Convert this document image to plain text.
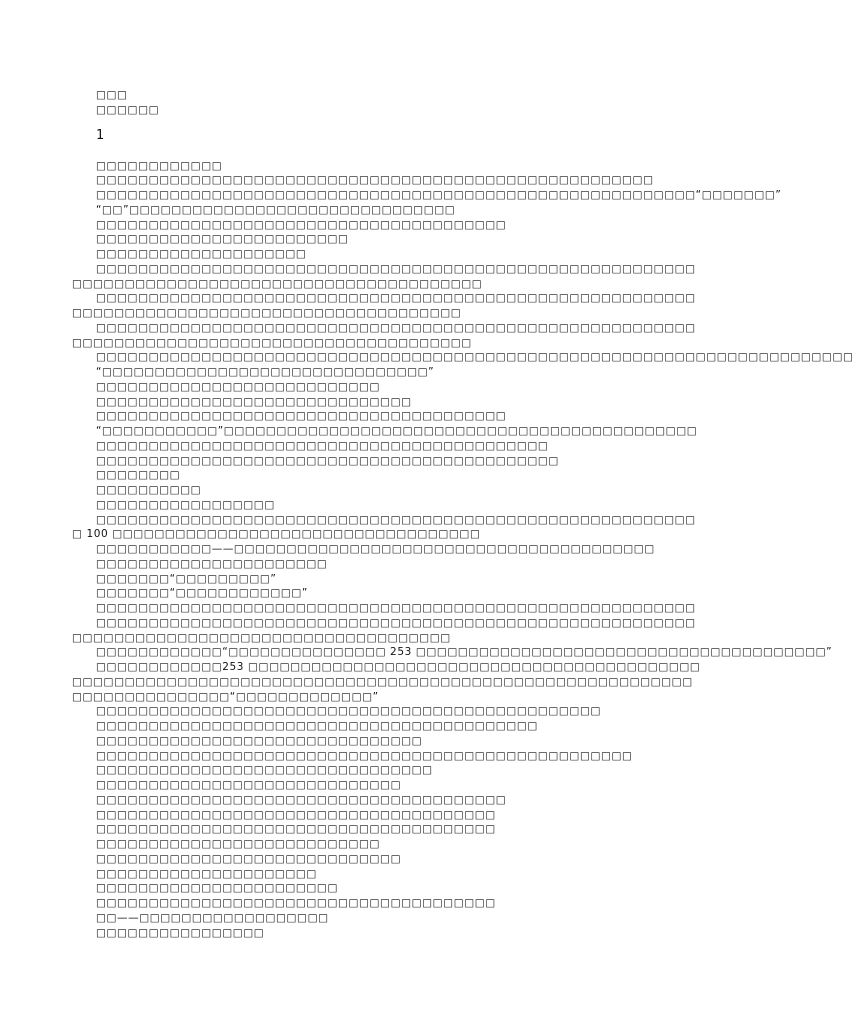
□□□
□□□□□□
1
□□□□□□□□□□□□
□□□□□□□□□□□□□□□□□□□□□□□□□□□□□□□□□□□□□□□□□□□□□□□□□□□□□
□□□□□□□□□□□□□□□□□□□□□□□□□□□□□□□□□□□□□□□□□□□□□□□□□□□□□□□□□“□□□□□□□”
“□□”□□□□□□□□□□□□□□□□□□□□□□□□□□□□□□□
□□□□□□□□□□□□□□□□□□□□□□□□□□□□□□□□□□□□□□□
□□□□□□□□□□□□□□□□□□□□□□□□
□□□□□□□□□□□□□□□□□□□□
□□□□□□□□□□□□□□□□□□□□□□□□□□□□□□□□□□□□□□□□□□□□□□□□□□□□□□□□□□□□□□□□□□□□□□□□□□□□□□□□□□□□□□□□□□□□□□□□
□□□□□□□□□□□□□□□□□□□□□□□□□□□□□□□□□□□□□□□□□□□□□□□□□□□□□□□□□□□□□□□□□□□□□□□□□□□□□□□□□□□□□□□□□□□□□□
□□□□□□□□□□□□□□□□□□□□□□□□□□□□□□□□□□□□□□□□□□□□□□□□□□□□□□□□□□□□□□□□□□□□□□□□□□□□□□□□□□□□□□□□□□□□□□□
□□□□□□□□□□□□□□□□□□□□□□□□□□□□□□□□□□□□□□□□□□□□□□□□□□□□□□□□□□□□□□□□□□□□□□□□
“□□□□□□□□□□□□□□□□□□□□□□□□□□□□□□□”
□□□□□□□□□□□□□□□□□□□□□□□□□□□
□□□□□□□□□□□□□□□□□□□□□□□□□□□□□□
□□□□□□□□□□□□□□□□□□□□□□□□□□□□□□□□□□□□□□□
“□□□□□□□□□□□”□□□□□□□□□□□□□□□□□□□□□□□□□□□□□□□□□□□□□□□□□□□□□
□□□□□□□□□□□□□□□□□□□□□□□□□□□□□□□□□□□□□□□□□□□
□□□□□□□□□□□□□□□□□□□□□□□□□□□□□□□□□□□□□□□□□□□□
□□□□□□□□
□□□□□□□□□□
□□□□□□□□□□□□□□□□□
□□□□□□□□□□□□□□□□□□□□□□□□□□□□□□□□□□□□□□□□□□□□□□□□□□□□□□□□□□ 100 □□□□□□□□□□□□□□□□□□□□□□□□□□□□□□□□□□□
□□□□□□□□□□□——□□□□□□□□□□□□□□□□□□□□□□□□□□□□□□□□□□□□□□□□
□□□□□□□□□□□□□□□□□□□□□□
□□□□□□□“□□□□□□□□□”
□□□□□□□“□□□□□□□□□□□□”
□□□□□□□□□□□□□□□□□□□□□□□□□□□□□□□□□□□□□□□□□□□□□□□□□□□□□□□□□
□□□□□□□□□□□□□□□□□□□□□□□□□□□□□□□□□□□□□□□□□□□□□□□□□□□□□□□□□□□□□□□□□□□□□□□□□□□□□□□□□□□□□□□□□□□□□
□□□□□□□□□□□□“□□□□□□□□□□□□□□□ 253 □□□□□□□□□□□□□□□□□□□□□□□□□□□□□□□□□□□□□□□”
□□□□□□□□□□□□253 □□□□□□□□□□□□□□□□□□□□□□□□□□□□□□□□□□□□□□□□□□□□□□□□□□□□□□□□□□□□□□□□□□□□□□□□□□□□□□□□□□□□□□□□□□□□□□□□□□□□□□□□□□□□□□□□□□□□□“□□□□□□□□□□□□□”
□□□□□□□□□□□□□□□□□□□□□□□□□□□□□□□□□□□□□□□□□□□□□□□□
□□□□□□□□□□□□□□□□□□□□□□□□□□□□□□□□□□□□□□□□□□
□□□□□□□□□□□□□□□□□□□□□□□□□□□□□□□
□□□□□□□□□□□□□□□□□□□□□□□□□□□□□□□□□□□□□□□□□□□□□□□□□□□
□□□□□□□□□□□□□□□□□□□□□□□□□□□□□□□□
□□□□□□□□□□□□□□□□□□□□□□□□□□□□□
□□□□□□□□□□□□□□□□□□□□□□□□□□□□□□□□□□□□□□□
□□□□□□□□□□□□□□□□□□□□□□□□□□□□□□□□□□□□□□
□□□□□□□□□□□□□□□□□□□□□□□□□□□□□□□□□□□□□□
□□□□□□□□□□□□□□□□□□□□□□□□□□□
□□□□□□□□□□□□□□□□□□□□□□□□□□□□□
□□□□□□□□□□□□□□□□□□□□□
□□□□□□□□□□□□□□□□□□□□□□□
□□□□□□□□□□□□□□□□□□□□□□□□□□□□□□□□□□□□□□
□□——□□□□□□□□□□□□□□□□□□
□□□□□□□□□□□□□□□□
